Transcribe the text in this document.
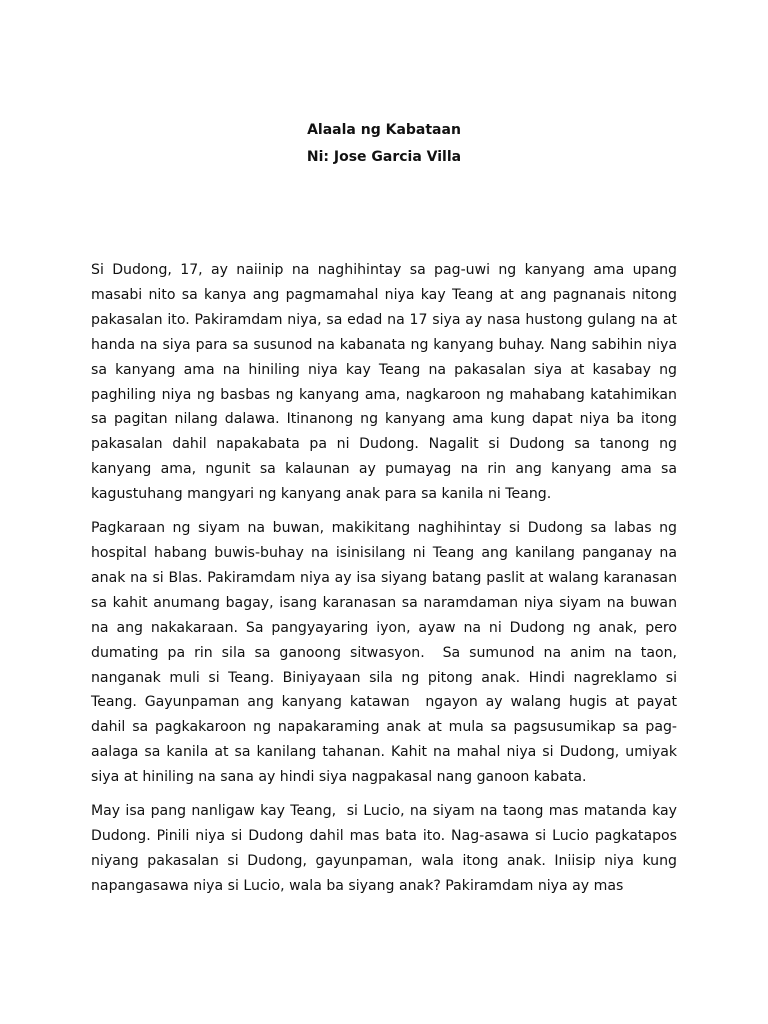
Alaala ng Kabataan

Ni: Jose Garcia Villa

Si Dudong, 17, ay naiinip na naghihintay sa pag-uwi ng kanyang ama upang masabi nito sa kanya ang pagmamahal niya kay Teang at ang pagnanais nitong pakasalan ito. Pakiramdam niya, sa edad na 17 siya ay nasa hustong gulang na at handa na siya para sa susunod na kabanata ng kanyang buhay. Nang sabihin niya sa kanyang ama na hiniling niya kay Teang na pakasalan siya at kasabay ng paghiling niya ng basbas ng kanyang ama, nagkaroon ng mahabang katahimikan sa pagitan nilang dalawa. Itinanong ng kanyang ama kung dapat niya ba itong pakasalan dahil napakabata pa ni Dudong. Nagalit si Dudong sa tanong ng kanyang ama, ngunit sa kalaunan ay pumayag na rin ang kanyang ama sa kagustuhang mangyari ng kanyang anak para sa kanila ni Teang.

Pagkaraan ng siyam na buwan, makikitang naghihintay si Dudong sa labas ng hospital habang buwis-buhay na isinisilang ni Teang ang kanilang panganay na anak na si Blas. Pakiramdam niya ay isa siyang batang paslit at walang karanasan sa kahit anumang bagay, isang karanasan sa naramdaman niya siyam na buwan na ang nakakaraan. Sa pangyayaring iyon, ayaw na ni Dudong ng anak, pero dumating pa rin sila sa ganoong sitwasyon.  Sa sumunod na anim na taon, nanganak muli si Teang. Biniyayaan sila ng pitong anak. Hindi nagreklamo si Teang. Gayunpaman ang kanyang katawan  ngayon ay walang hugis at payat dahil sa pagkakaroon ng napakaraming anak at mula sa pagsusumikap sa pag-aalaga sa kanila at sa kanilang tahanan. Kahit na mahal niya si Dudong, umiyak siya at hiniling na sana ay hindi siya nagpakasal nang ganoon kabata.

May isa pang nanligaw kay Teang,  si Lucio, na siyam na taong mas matanda kay Dudong. Pinili niya si Dudong dahil mas bata ito. Nag-asawa si Lucio pagkatapos niyang pakasalan si Dudong, gayunpaman, wala itong anak. Iniisip niya kung napangasawa niya si Lucio, wala ba siyang anak? Pakiramdam niya ay mas
